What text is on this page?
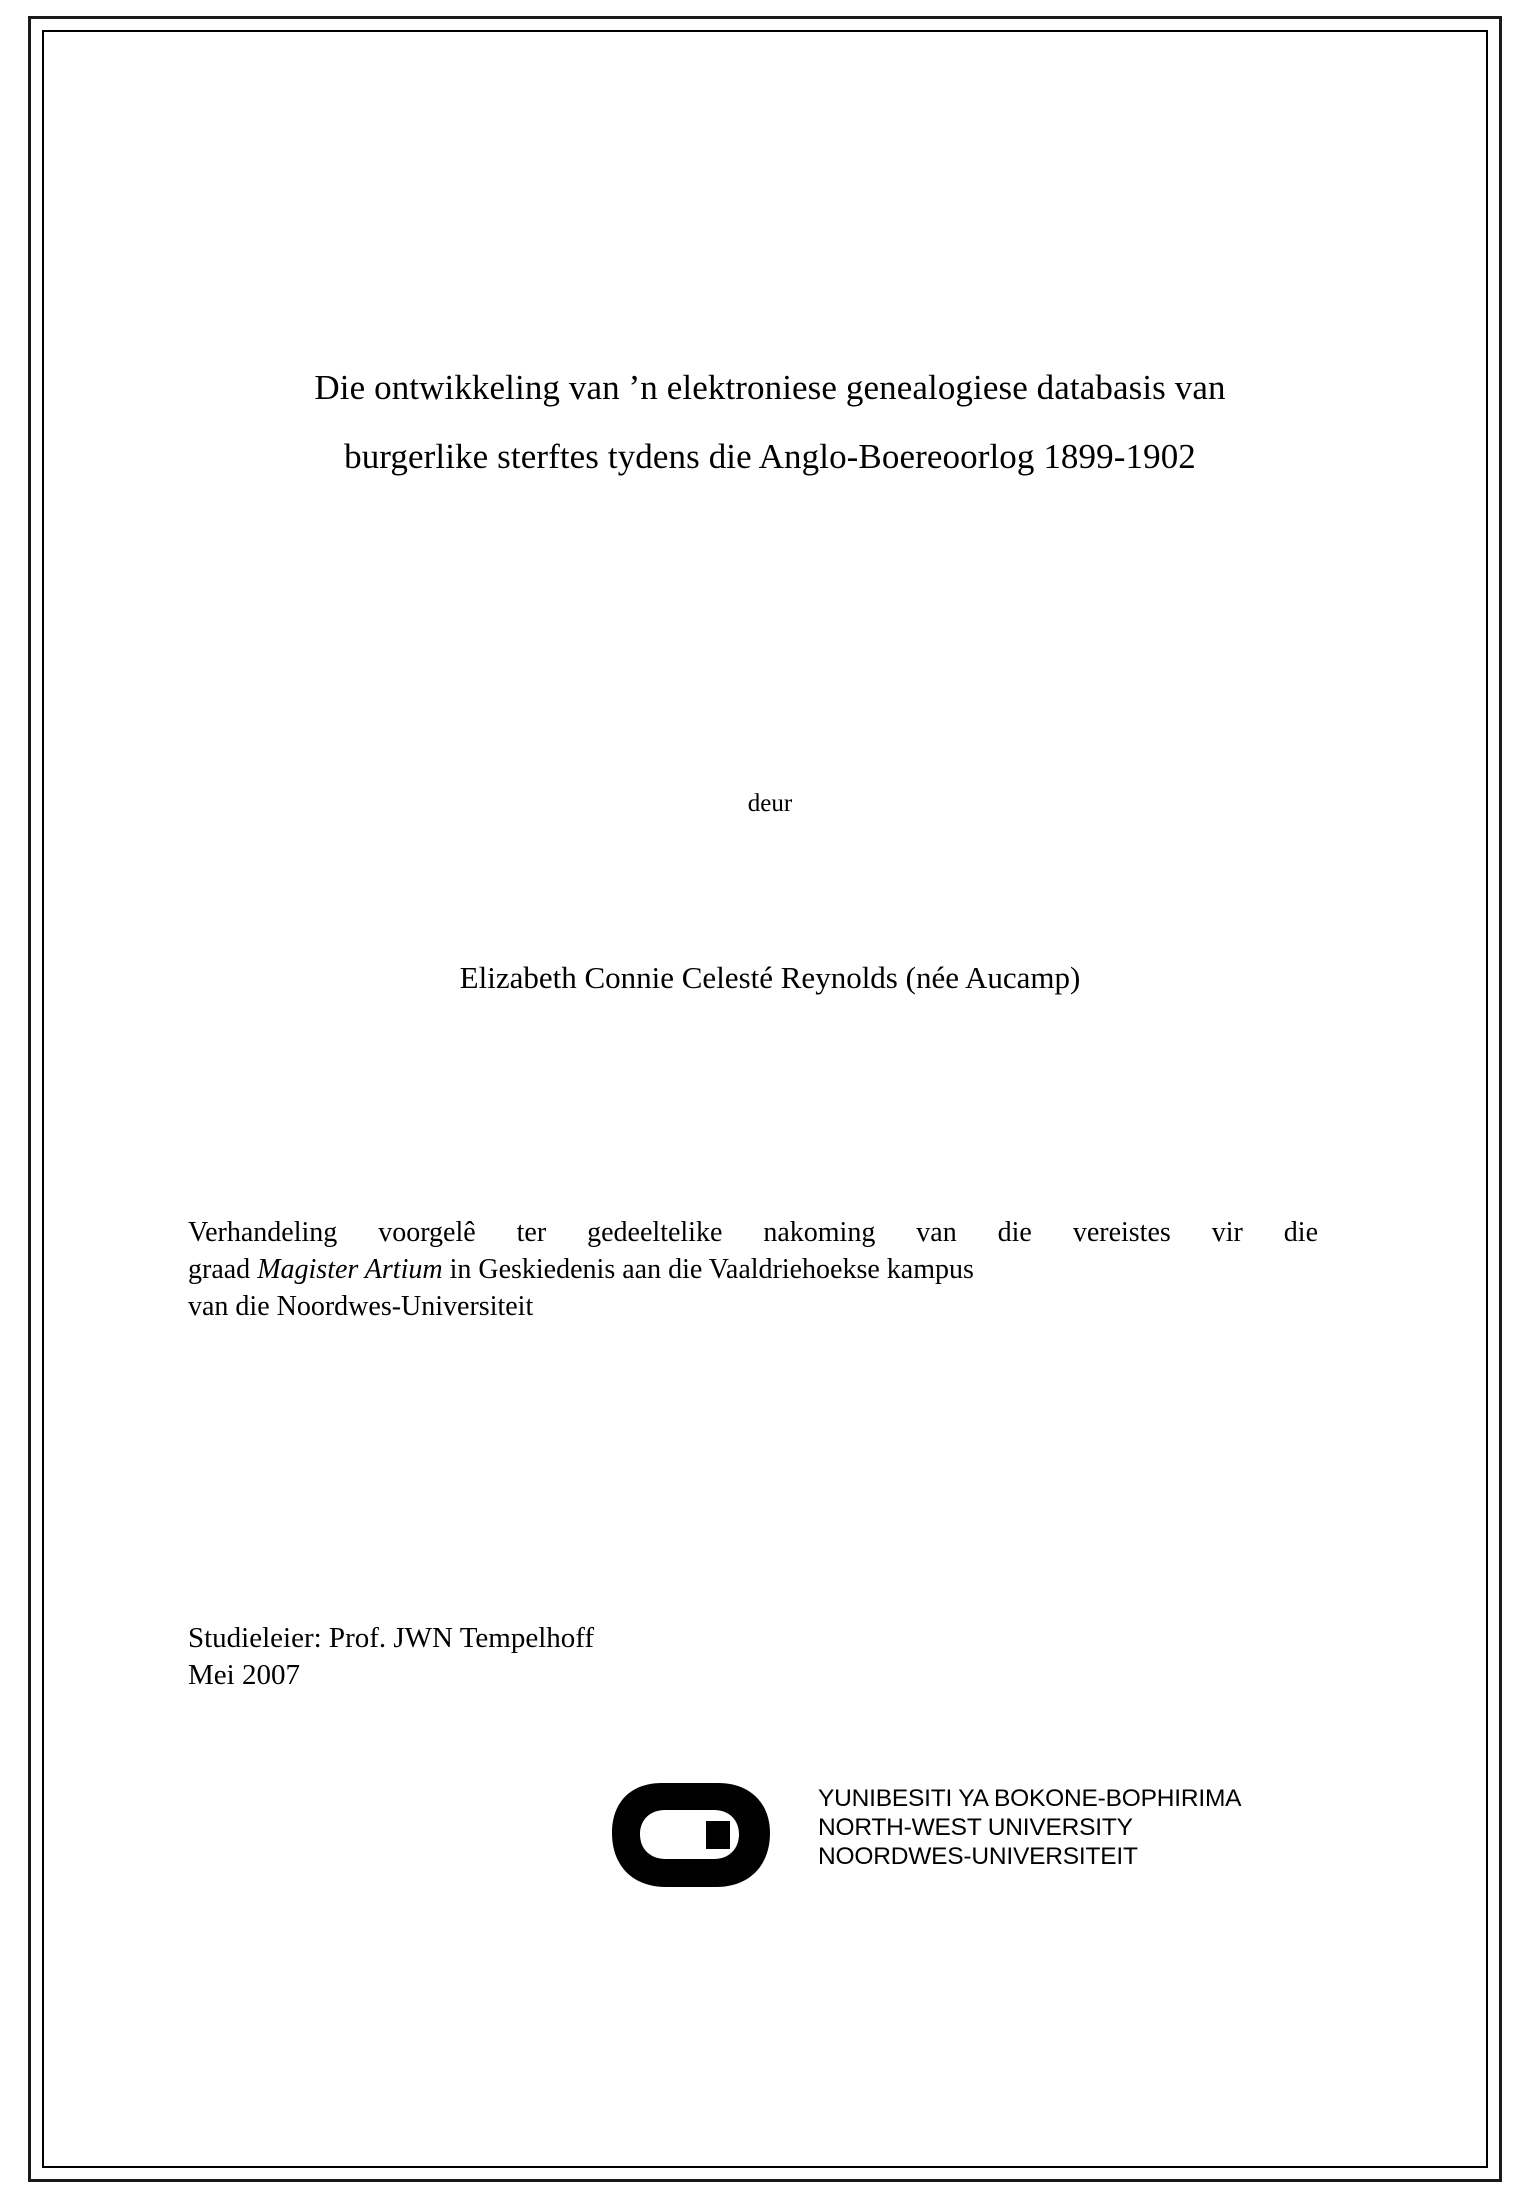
Die ontwikkeling van ’n elektroniese genealogiese databasis van
burgerlike sterftes tydens die Anglo-Boereoorlog 1899-1902
deur
Elizabeth Connie Celesté Reynolds (née Aucamp)

Verhandeling voorgelê ter gedeeltelike nakoming van die vereistes vir die

graad Magister Artium in Geskiedenis aan die Vaaldriehoekse kampus

van die Noordwes-Universiteit

Studieleier: Prof. JWN Tempelhoff
Mei 2007
YUNIBESITI YA BOKONE-BOPHIRIMA
NORTH-WEST UNIVERSITY
NOORDWES-UNIVERSITEIT
